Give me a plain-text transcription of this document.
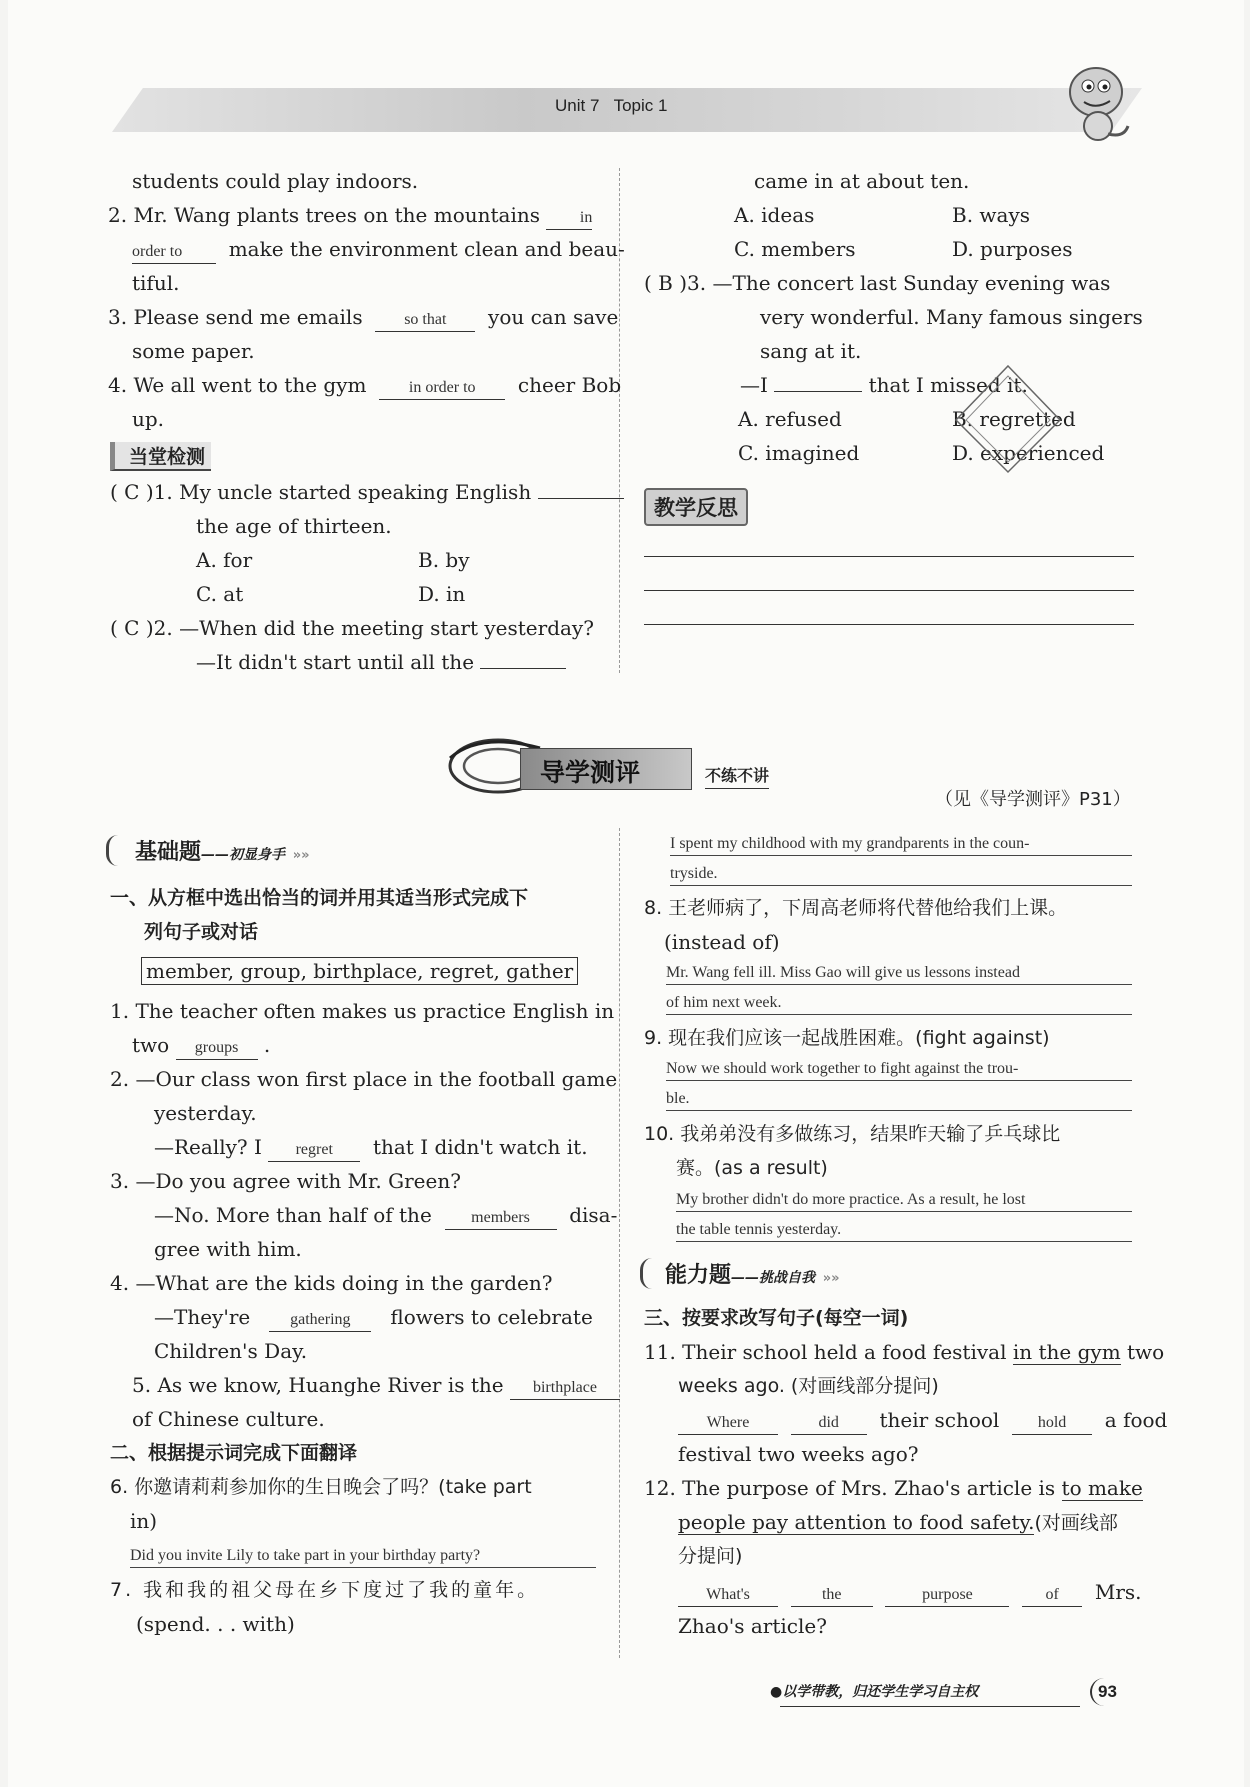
Unit 7 Topic 1
students could play indoors.
2. Mr. Wang plants trees on the mountains in
order to make the environment clean and beau-
tiful.
3. Please send me emails	so that you can save
some paper.
4. We all went to the gym	in order to cheer Bob
up.
当堂检测
( C )1. My uncle started speaking English
the age of thirteen.
A. for	B. by
C. at	D. in
( C )2. —When did the meeting start yesterday?
—It didn't start until all the
came in at about ten.
A. ideas	B. ways
C. members	D. purposes
( B )3. —The concert last Sunday evening was
very wonderful. Many famous singers
sang at it.
—I	that I missed it.
A. refused	B. regretted
C. imagined	D. experienced
教学反思
导学测评	不练不讲
（见《导学测评》P31）
基础题——初显身手 »»
一、从方框中选出恰当的词并用其适当形式完成下
列句子或对话
member, group, birthplace, regret, gather
1. The teacher often makes us practice English in
two groups .
2. —Our class won first place in the football game
yesterday.
—Really? I regret that I didn't watch it.
3. —Do you agree with Mr. Green?
—No. More than half of the members disa-
gree with him.
4. —What are the kids doing in the garden?
—They're gathering flowers to celebrate
Children's Day.
5. As we know, Huanghe River is the birthplace
of Chinese culture.
二、根据提示词完成下面翻译
6. 你邀请莉莉参加你的生日晚会了吗？(take part
in)
Did you invite Lily to take part in your birthday party?
7. 我和我的祖父母在乡下度过了我的童年。
(spend. . . with)
I spent my childhood with my grandparents in the coun-
tryside.
8. 王老师病了，下周高老师将代替他给我们上课。
(instead of)
Mr. Wang fell ill. Miss Gao will give us lessons instead
of him next week.
9. 现在我们应该一起战胜困难。(fight against)
Now we should work together to fight against the trou-
ble.
10. 我弟弟没有多做练习，结果昨天输了乒乓球比
赛。(as a result)
My brother didn't do more practice. As a result, he lost
the table tennis yesterday.
能力题——挑战自我 »»
三、按要求改写句子(每空一词)
11. Their school held a food festival in the gym two
weeks ago. (对画线部分提问)
Where	did their school hold a food
festival two weeks ago?
12. The purpose of Mrs. Zhao's article is to make
people pay attention to food safety.(对画线部
分提问)
What's	the	purpose	of Mrs.
Zhao's article?
●以学带教，归还学生学习自主权	93
